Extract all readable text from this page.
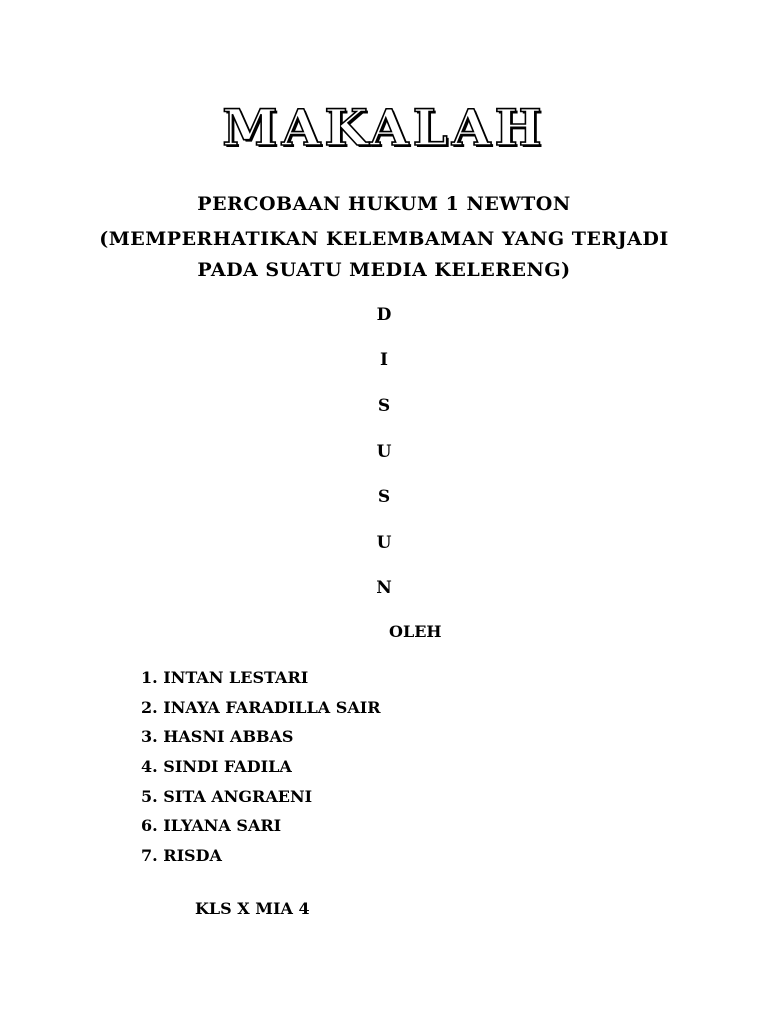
MAKALAH
PERCOBAAN HUKUM 1 NEWTON
(MEMPERHATIKAN KELEMBAMAN YANG TERJADI
PADA SUATU MEDIA KELERENG)
D
I
S
U
S
U
N
OLEH
1. INTAN LESTARI
2. INAYA FARADILLA SAIR
3. HASNI ABBAS
4. SINDI FADILA
5. SITA ANGRAENI
6. ILYANA SARI
7. RISDA
KLS X MIA 4
